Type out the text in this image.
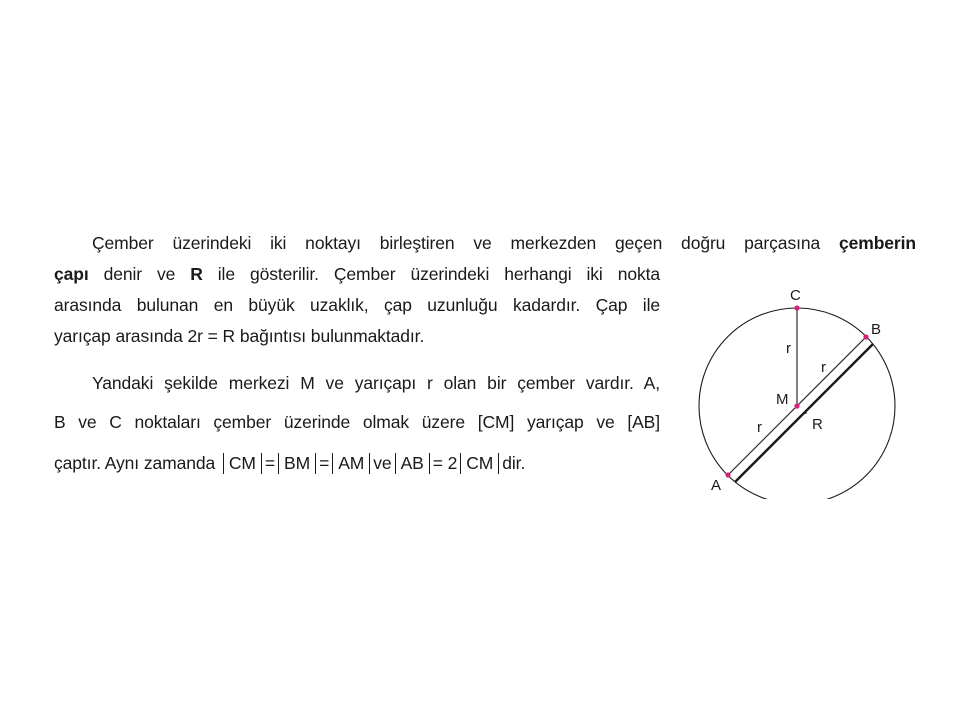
Çember üzerindeki iki noktayı birleştiren ve merkezden geçen doğru parçasına çemberin
çapı denir ve R ile gösterilir. Çember üzerindeki herhangi iki nokta
arasında bulunan en büyük uzaklık, çap uzunluğu kadardır. Çap ile
yarıçap arasında 2r = R bağıntısı bulunmaktadır.
Yandaki şekilde merkezi M ve yarıçapı r olan bir çember vardır. A,
B ve C noktaları çember üzerinde olmak üzere [CM] yarıçap ve [AB]
çaptır. Aynı zamanda CM = BM = AM ve AB = 2 CM dir.
C
B
A
M
r
r
r	R
